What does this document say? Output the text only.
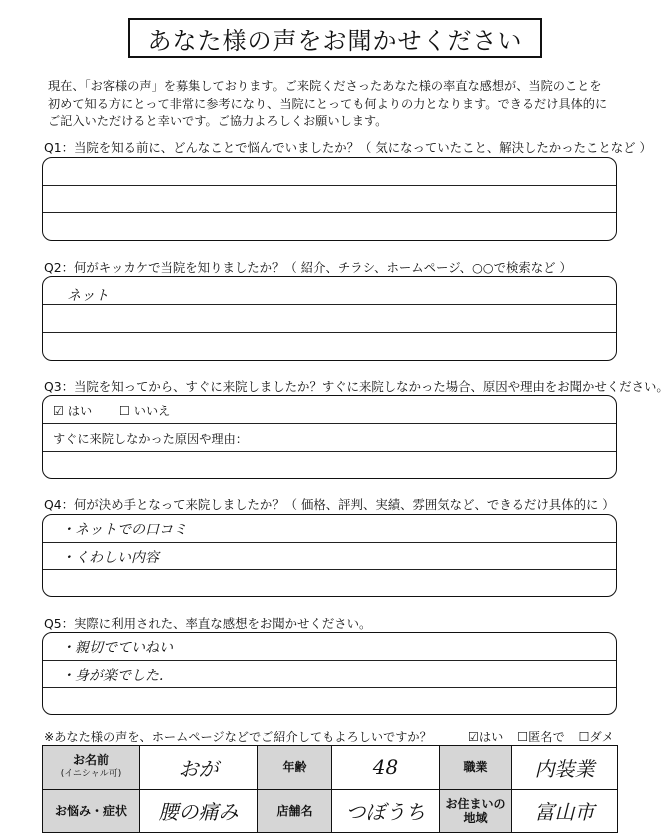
あなた様の声をお聞かせください
現在、「お客様の声」を募集しております。ご来院くださったあなた様の率直な感想が、当院のことを
初めて知る方にとって非常に参考になり、当院にとっても何よりの力となります。できるだけ具体的に
ご記入いただけると幸いです。ご協力よろしくお願いします。
Q1：当院を知る前に、どんなことで悩んでいましたか？（ 気になっていたこと、解決したかったことなど ）
Q2：何がキッカケで当院を知りましたか？（ 紹介、チラシ、ホームページ、○○で検索など ）
ネット
Q3：当院を知ってから、すぐに来院しましたか？すぐに来院しなかった場合、原因や理由をお聞かせください。
☑ はい ☐ いいえ
すぐに来院しなかった原因や理由：
Q4：何が決め手となって来院しましたか？（ 価格、評判、実績、雰囲気など、できるだけ具体的に ）
・ネットでの口コミ
・くわしい内容
Q5：実際に利用された、率直な感想をお聞かせください。
・親切でていねい
・身が楽でした.
※あなた様の声を、ホームページなどでご紹介してもよろしいですか？	☑はい ☐匿名で ☐ダメ
お名前
(イニシャル可)	おが	年齢	48	職業	内装業
お悩み・症状	腰の痛み	店舗名	つぼうち	お住まいの地域	富山市
